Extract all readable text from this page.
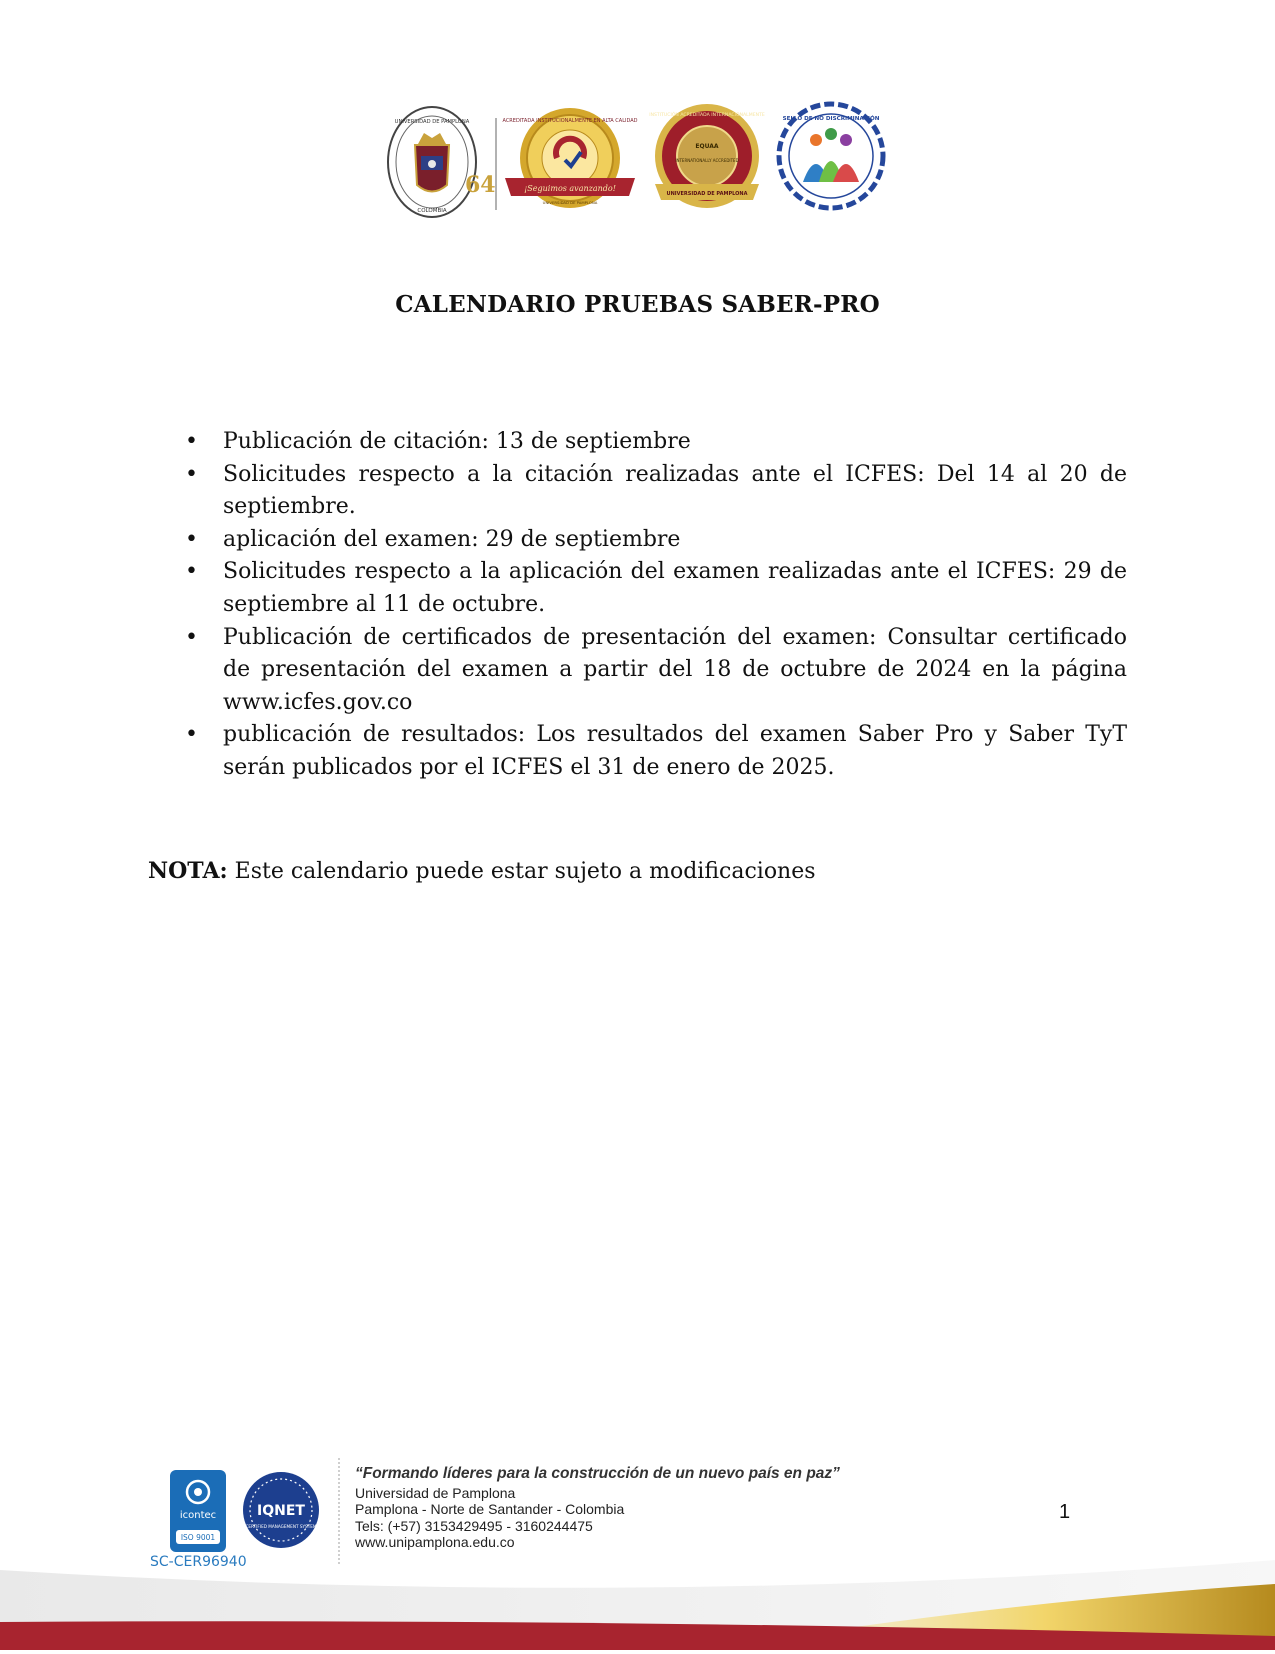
UNIVERSIDAD DE PAMPLONA
COLOMBIA
64
ACREDITADA INSTITUCIONALMENTE EN ALTA CALIDAD
¡Seguimos avanzando!
UNIVERSIDAD DE PAMPLONA
EQUAA
INTERNATIONALLY ACCREDITED
INSTITUCIÓN ACREDITADA INTERNACIONALMENTE
UNIVERSIDAD DE PAMPLONA
SELLO DE NO DISCRIMINACIÓN
CALENDARIO PRUEBAS SABER-PRO
• Publicación de citación: 13 de septiembre
• Solicitudes respecto a la citación realizadas ante el ICFES: Del 14 al 20 de septiembre.
• aplicación del examen: 29 de septiembre
• Solicitudes respecto a la aplicación del examen realizadas ante el ICFES: 29 de septiembre al 11 de octubre.
• Publicación de certificados de presentación del examen: Consultar certificado de presentación del examen a partir del 18 de octubre de 2024 en la página www.icfes.gov.co
• publicación de resultados: Los resultados del examen Saber Pro y Saber TyT serán publicados por el ICFES el 31 de enero de 2025.
NOTA: Este calendario puede estar sujeto a modificaciones
icontec
ISO 9001
IQNET
CERTIFIED MANAGEMENT SYSTEM
SC-CER96940
“Formando líderes para la construcción de un nuevo país en paz”
Universidad de Pamplona
Pamplona - Norte de Santander - Colombia
Tels: (+57) 3153429495 - 3160244475
www.unipamplona.edu.co
1
